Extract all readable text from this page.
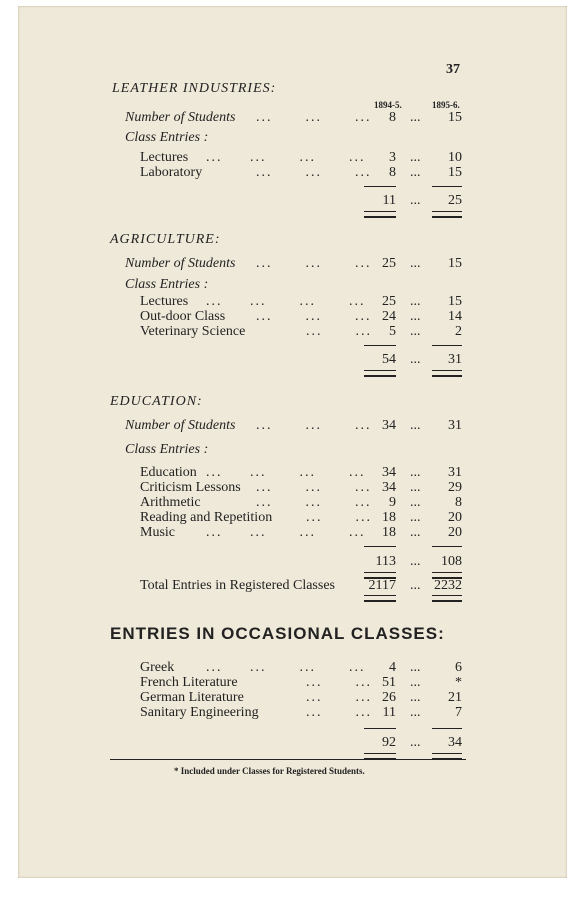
37
LEATHER INDUSTRIES:
1894-5.	1895-6.
Number of Students ...      ...      ...	8 ...	15
Class Entries :
Lectures ...     ...      ...      ...	3 ...	10
Laboratory	...      ...      ...	8 ...	15
11 ...	25
AGRICULTURE:
Number of Students ...      ...      ... 25 ...	15
Class Entries :
Lectures ...     ...      ...      ...	25 ...	15
Out-door Class ...      ...      ... 24 ...	14
Veterinary Science	...      ...	5 ...	2
54 ...	31
EDUCATION:
Number of Students ...      ...      ... 34 ...	31
Class Entries :
Education ...     ...      ...      ...	34 ...	31
Criticism Lessons ...      ...      ... 34 ...	29
Arithmetic	...      ...      ...	9 ...	8
Reading and Repetition ...      ... 18 ...	20
Music ...     ...      ...      ...	18 ...	20
113 ...	108
Total Entries in Registered Classes	2117 ... 2232
ENTRIES IN OCCASIONAL CLASSES:
Greek ...     ...      ...      ...	4 ...	6
French Literature	...      ... 51 ...	*
German Literature	...      ... 26 ...	21
Sanitary Engineering	...      ... 11 ...	7
92 ...	34
* Included under Classes for Registered Students.
